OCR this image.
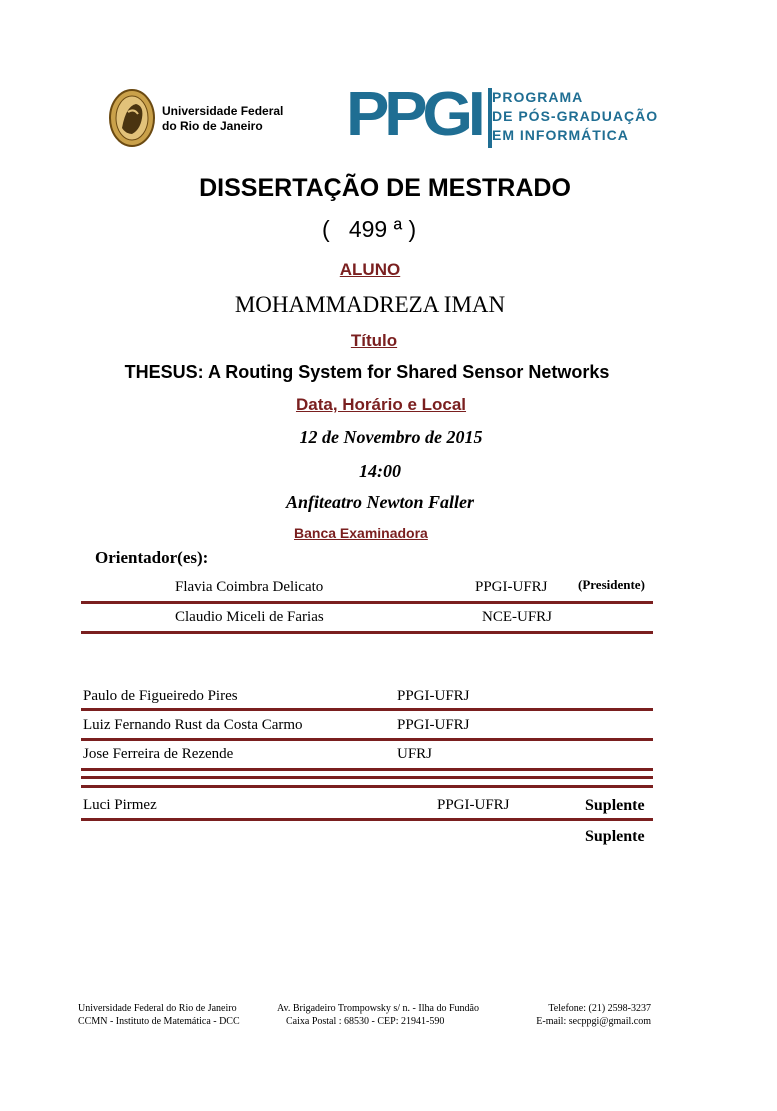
Universidade Federal
do Rio de Janeiro	PPGI PROGRAMA
DE PÓS-GRADUAÇÃO
EM INFORMÁTICA
DISSERTAÇÃO DE MESTRADO
(   499 ª )
ALUNO
MOHAMMADREZA IMAN
Título
THESUS: A Routing System for Shared Sensor Networks
Data, Horário e Local
12 de Novembro de 2015
14:00
Anfiteatro Newton Faller
Banca Examinadora
Orientador(es):
Flavia Coimbra Delicato	PPGI-UFRJ (Presidente)
Claudio Miceli de Farias	NCE-UFRJ
Paulo de Figueiredo Pires	PPGI-UFRJ
Luiz Fernando Rust da Costa Carmo	PPGI-UFRJ
Jose Ferreira de Rezende	UFRJ
Luci Pirmez	PPGI-UFRJ	Suplente
Suplente
Universidade Federal do Rio de Janeiro
CCMN - Instituto de Matemática - DCC
Av. Brigadeiro Trompowsky s/ n. - Ilha do Fundão
Caixa Postal : 68530 - CEP: 21941-590
Telefone: (21) 2598-3237
E-mail: secppgi@gmail.com
